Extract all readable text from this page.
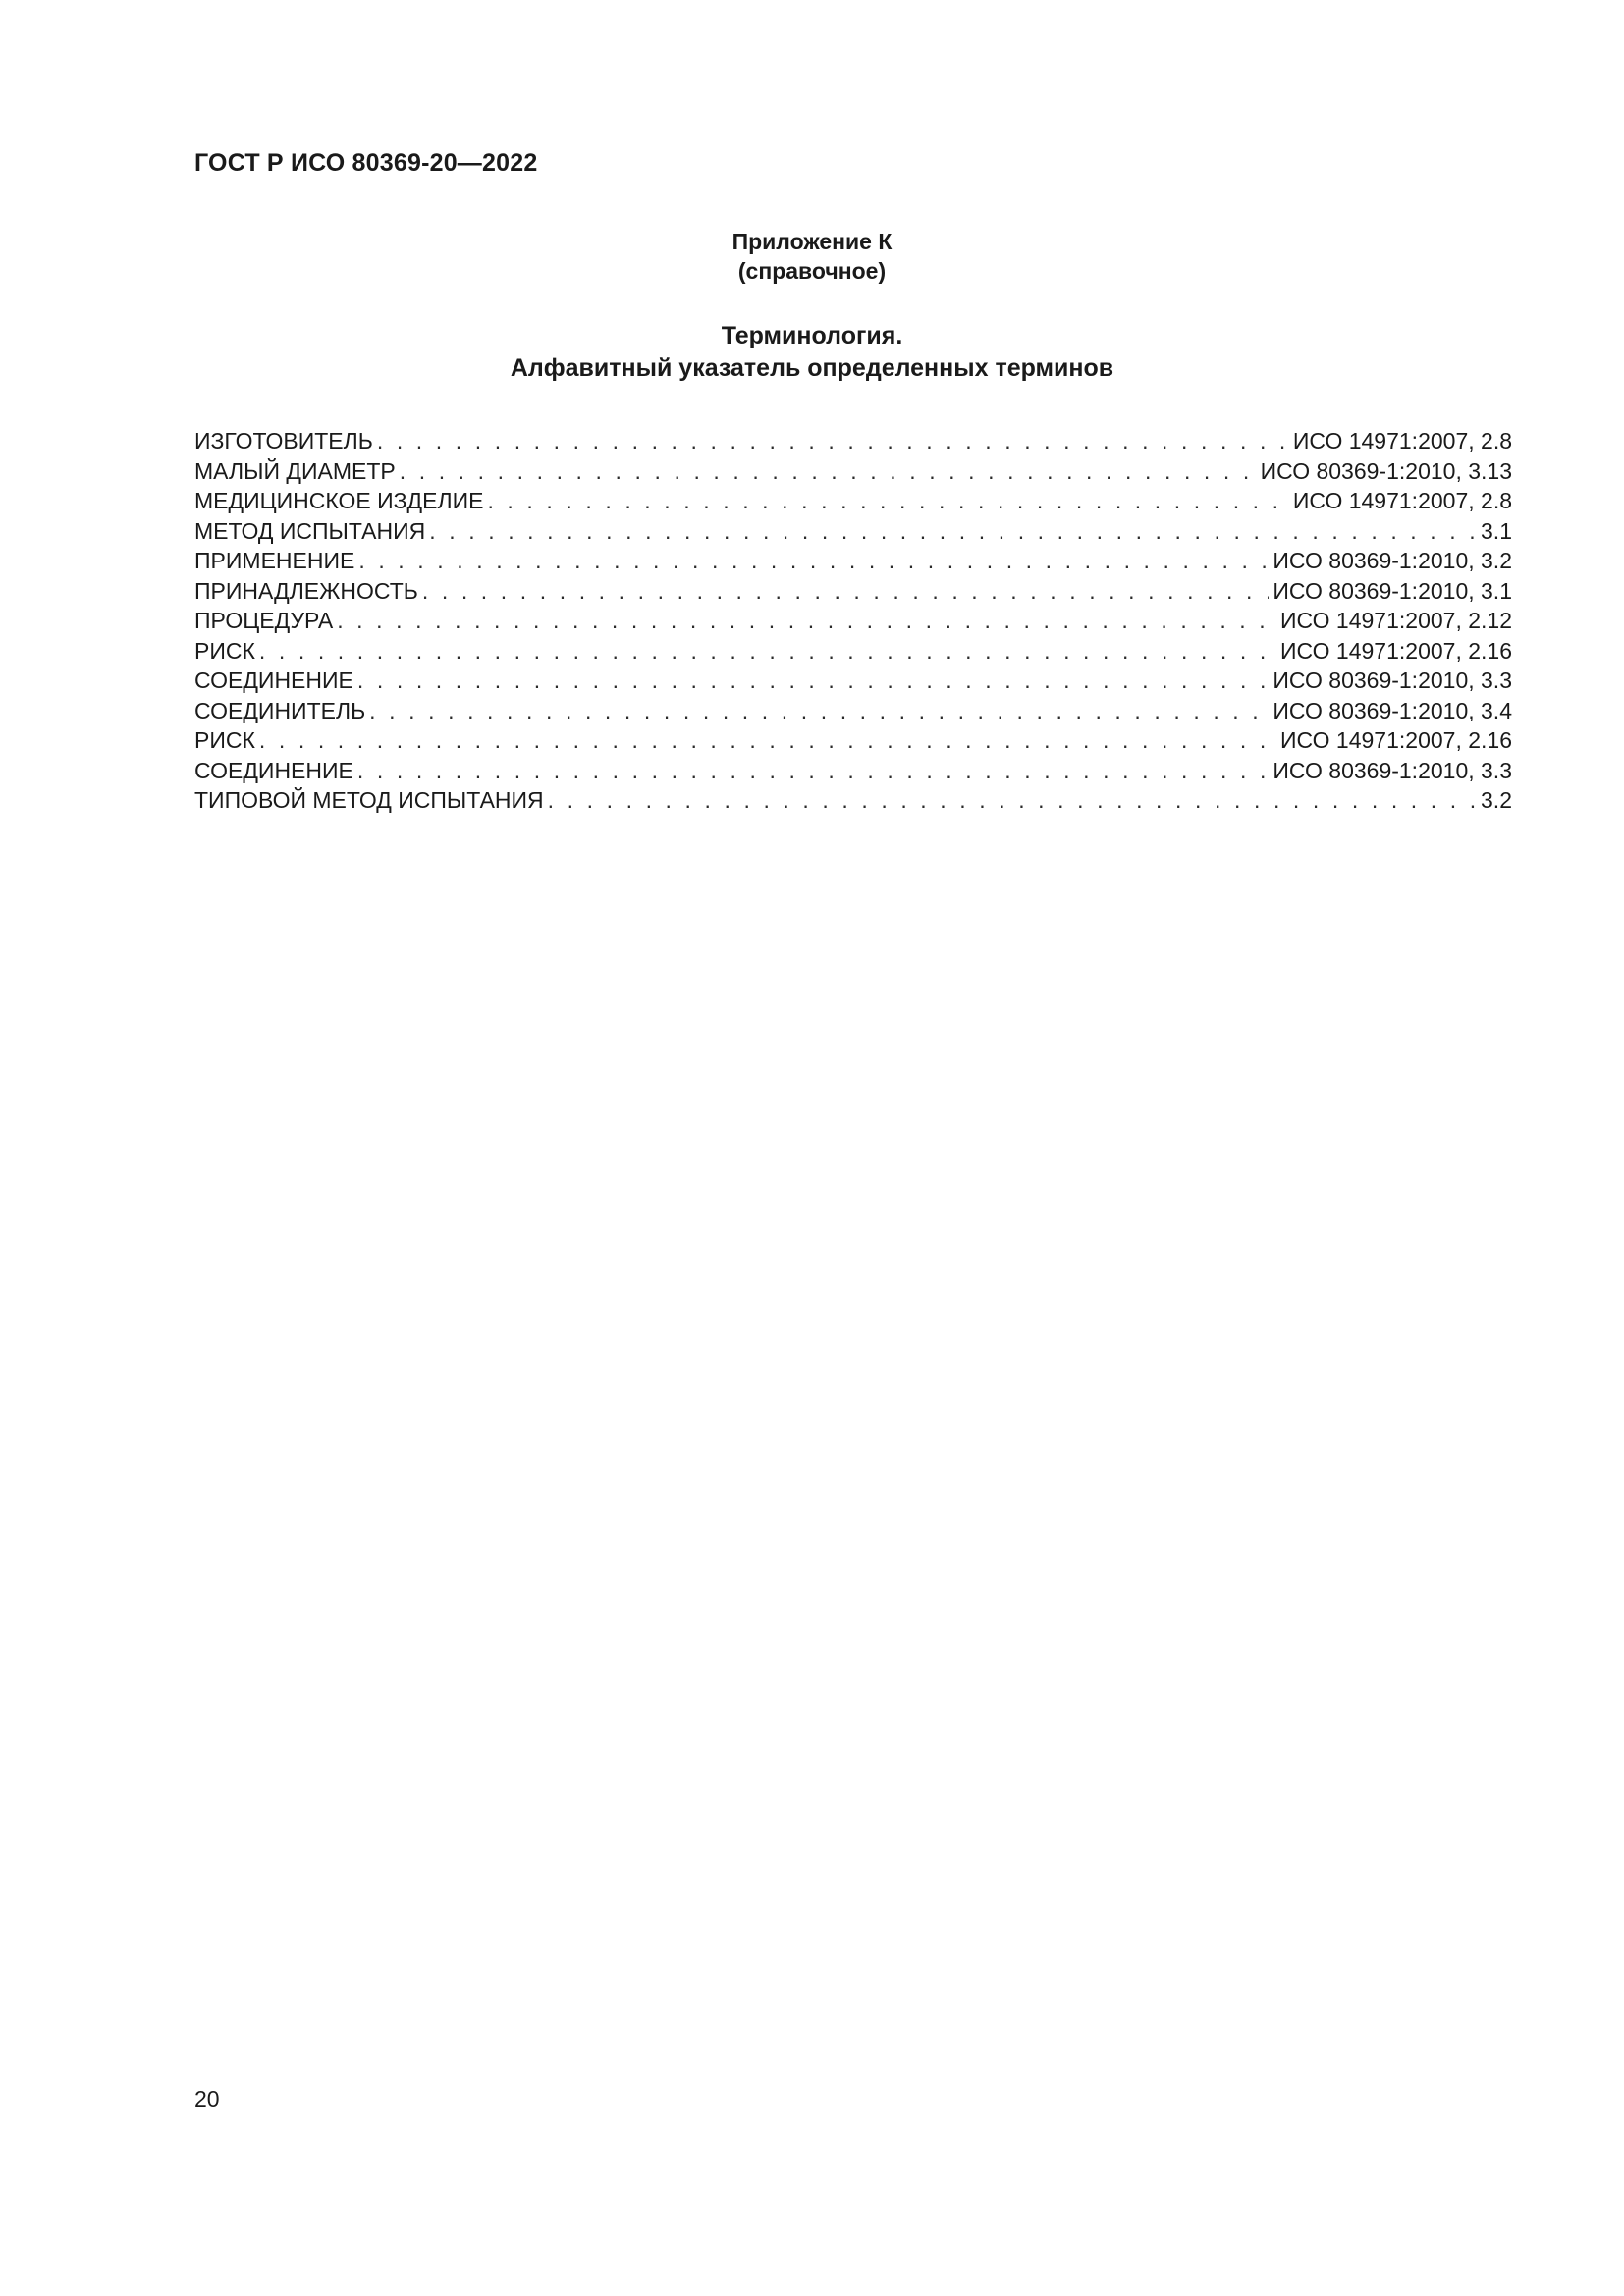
ГОСТ Р ИСО 80369-20—2022
Приложение К
(справочное)
Терминология.
Алфавитный указатель определенных терминов
ИЗГОТОВИТЕЛЬ . . .	ИСО 14971:2007, 2.8
МАЛЫЙ ДИАМЕТР . . .	ИСО 80369-1:2010, 3.13
МЕДИЦИНСКОЕ ИЗДЕЛИЕ . . .	ИСО 14971:2007, 2.8
МЕТОД ИСПЫТАНИЯ . . .	3.1
ПРИМЕНЕНИЕ . . .	ИСО 80369-1:2010, 3.2
ПРИНАДЛЕЖНОСТЬ . . .	ИСО 80369-1:2010, 3.1
ПРОЦЕДУРА . . .	ИСО 14971:2007, 2.12
РИСК . . .	ИСО 14971:2007, 2.16
СОЕДИНЕНИЕ . . .	ИСО 80369-1:2010, 3.3
СОЕДИНИТЕЛЬ . . .	ИСО 80369-1:2010, 3.4
РИСК . . .	ИСО 14971:2007, 2.16
СОЕДИНЕНИЕ . . .	ИСО 80369-1:2010, 3.3
ТИПОВОЙ МЕТОД ИСПЫТАНИЯ . . .	3.2
20
